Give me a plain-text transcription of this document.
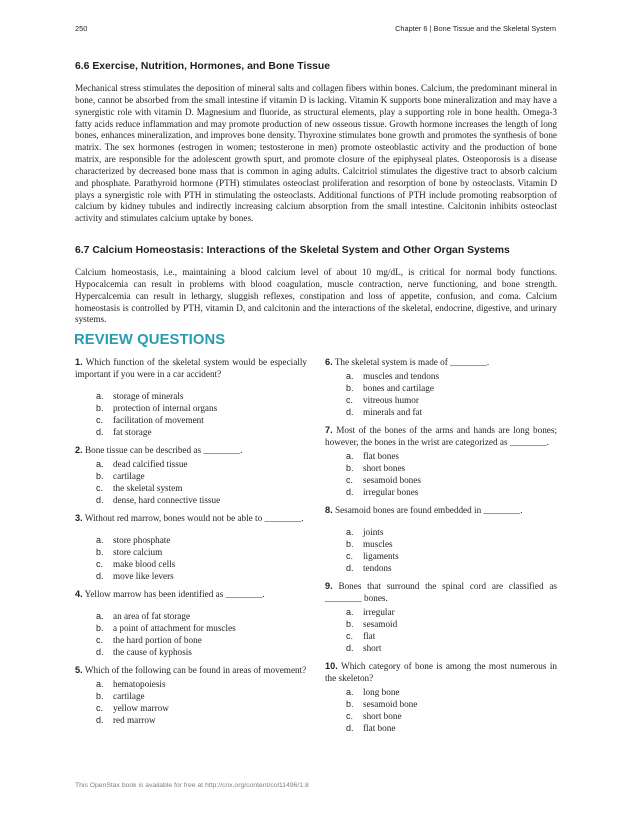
250	Chapter 6 | Bone Tissue and the Skeletal System
6.6 Exercise, Nutrition, Hormones, and Bone Tissue

Mechanical stress stimulates the deposition of mineral salts and collagen fibers within bones. Calcium, the predominant mineral in bone, cannot be absorbed from the small intestine if vitamin D is lacking. Vitamin K supports bone mineralization and may have a synergistic role with vitamin D. Magnesium and fluoride, as structural elements, play a supporting role in bone health. Omega-3 fatty acids reduce inflammation and may promote production of new osseous tissue. Growth hormone increases the length of long bones, enhances mineralization, and improves bone density. Thyroxine stimulates bone growth and promotes the synthesis of bone matrix. The sex hormones (estrogen in women; testosterone in men) promote osteoblastic activity and the production of bone matrix, are responsible for the adolescent growth spurt, and promote closure of the epiphyseal plates. Osteoporosis is a disease characterized by decreased bone mass that is common in aging adults. Calcitriol stimulates the digestive tract to absorb calcium and phosphate. Parathyroid hormone (PTH) stimulates osteoclast proliferation and resorption of bone by osteoclasts. Vitamin D plays a synergistic role with PTH in stimulating the osteoclasts. Additional functions of PTH include promoting reabsorption of calcium by kidney tubules and indirectly increasing calcium absorption from the small intestine. Calcitonin inhibits osteoclast activity and stimulates calcium uptake by bones.

6.7 Calcium Homeostasis: Interactions of the Skeletal System and Other Organ Systems

Calcium homeostasis, i.e., maintaining a blood calcium level of about 10 mg/dL, is critical for normal body functions. Hypocalcemia can result in problems with blood coagulation, muscle contraction, nerve functioning, and bone strength. Hypercalcemia can result in lethargy, sluggish reflexes, constipation and loss of appetite, confusion, and coma. Calcium homeostasis is controlled by PTH, vitamin D, and calcitonin and the interactions of the skeletal, endocrine, digestive, and urinary systems.

REVIEW QUESTIONS

1. Which function of the skeletal system would be especially important if you were in a car accident?

a. storage of minerals
b. protection of internal organs
c. facilitation of movement
d. fat storage

2. Bone tissue can be described as ________.

a. dead calcified tissue
b. cartilage
c. the skeletal system
d. dense, hard connective tissue

3. Without red marrow, bones would not be able to ________.

a. store phosphate
b. store calcium
c. make blood cells
d. move like levers

4. Yellow marrow has been identified as ________.

a. an area of fat storage
b. a point of attachment for muscles
c. the hard portion of bone
d. the cause of kyphosis

5. Which of the following can be found in areas of movement?

a. hematopoiesis
b. cartilage
c. yellow marrow
d. red marrow

6. The skeletal system is made of ________.

a. muscles and tendons
b. bones and cartilage
c. vitreous humor
d. minerals and fat

7. Most of the bones of the arms and hands are long bones; however, the bones in the wrist are categorized as ________.

a. flat bones
b. short bones
c. sesamoid bones
d. irregular bones

8. Sesamoid bones are found embedded in ________.

a. joints
b. muscles
c. ligaments
d. tendons

9. Bones that surround the spinal cord are classified as ________ bones.

a. irregular
b. sesamoid
c. flat
d. short

10. Which category of bone is among the most numerous in the skeleton?

a. long bone
b. sesamoid bone
c. short bone
d. flat bone
This OpenStax book is available for free at http://cnx.org/content/col11496/1.8
